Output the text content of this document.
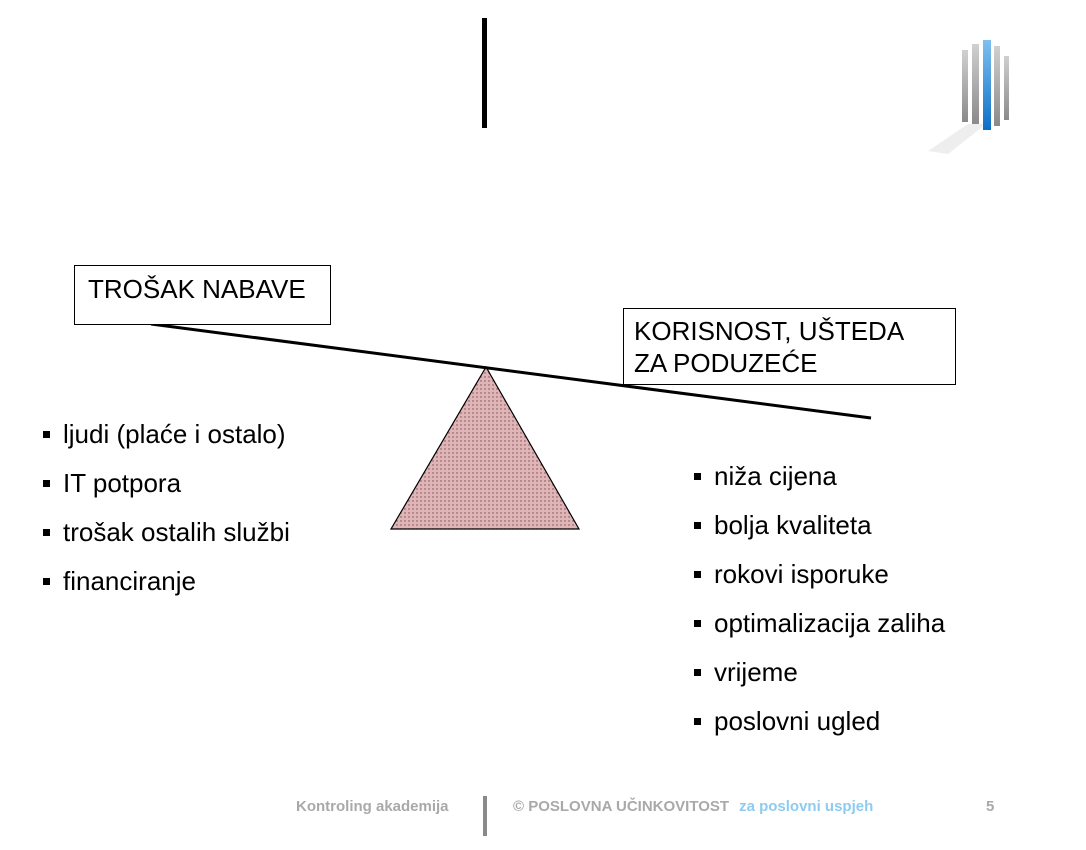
TROŠAK NABAVE
KORISNOST, UŠTEDA
ZA PODUZEĆE
ljudi (plaće i ostalo)
IT potpora
trošak ostalih službi
financiranje
niža cijena
bolja kvaliteta
rokovi isporuke
optimalizacija zaliha
vrijeme
poslovni ugled
Kontroling akademija	© POSLOVNA UČINKOVITOST za poslovni uspjeh	5
